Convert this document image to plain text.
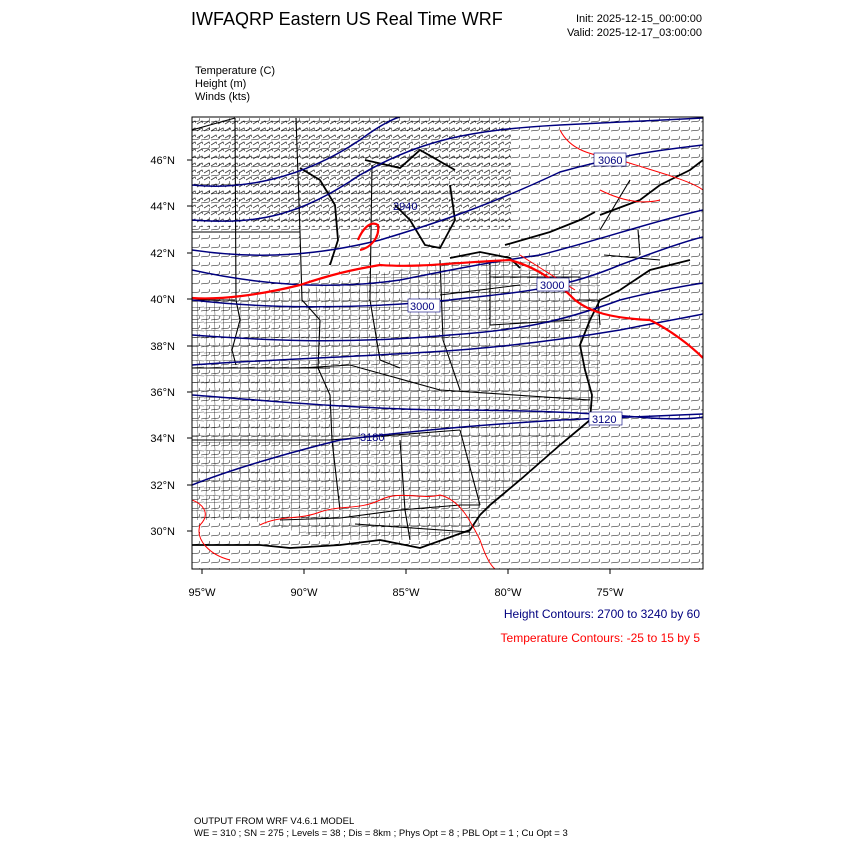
IWFAQRP Eastern US Real Time WRF	Init: 2025-12-15_00:00:00
Valid: 2025-12-17_03:00:00
Temperature (C)
Height (m)
Winds (kts)
3060
3000
3000
2940
3120
3180
46°N
44°N
42°N
40°N
38°N
36°N
34°N
32°N
30°N
95°W	90°W	85°W	80°W	75°W
Height Contours: 2700 to 3240 by 60
Temperature Contours: -25 to 15 by 5
OUTPUT FROM WRF V4.6.1 MODEL
WE = 310 ; SN = 275 ; Levels = 38 ; Dis = 8km ; Phys Opt = 8 ; PBL Opt = 1 ; Cu Opt = 3
